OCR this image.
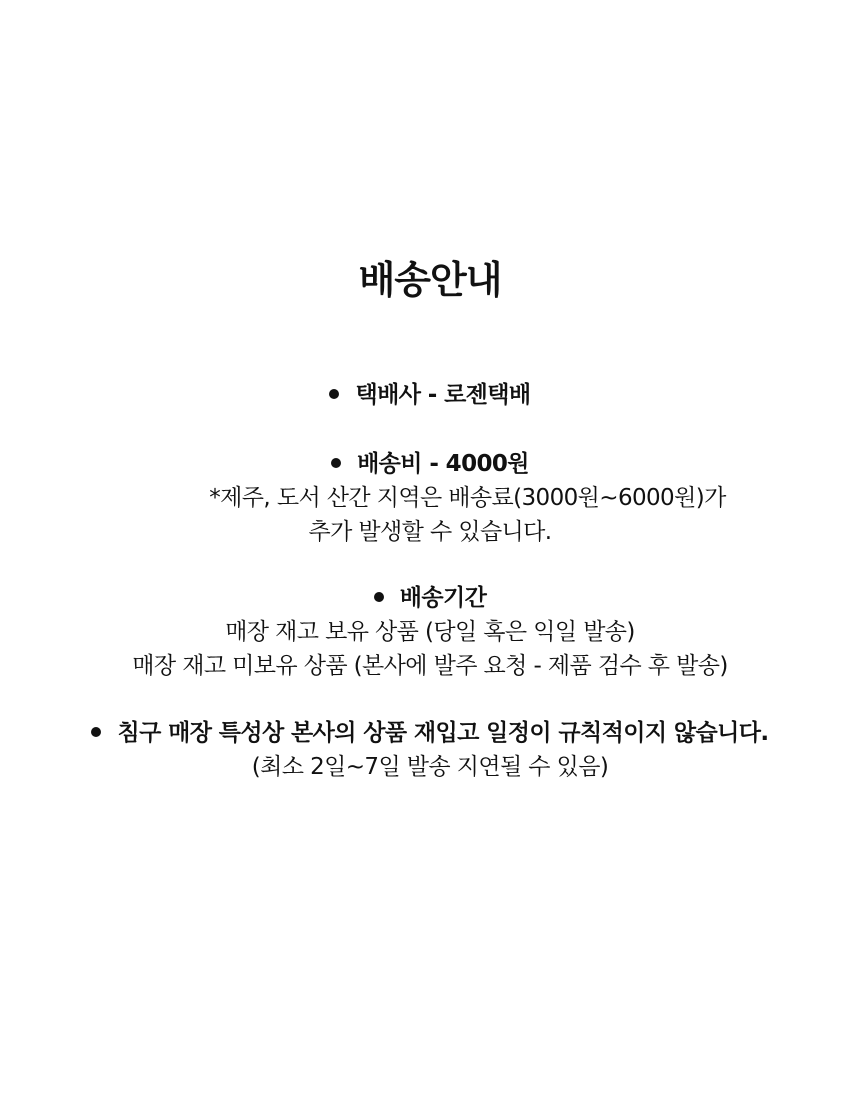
배송안내
택배사 - 로젠택배
배송비 - 4000원
*제주, 도서 산간 지역은 배송료(3000원~6000원)가
추가 발생할 수 있습니다.
배송기간
매장 재고 보유 상품 (당일 혹은 익일 발송)
매장 재고 미보유 상품 (본사에 발주 요청 - 제품 검수 후 발송)
침구 매장 특성상 본사의 상품 재입고 일정이 규칙적이지 않습니다.
(최소 2일~7일 발송 지연될 수 있음)
